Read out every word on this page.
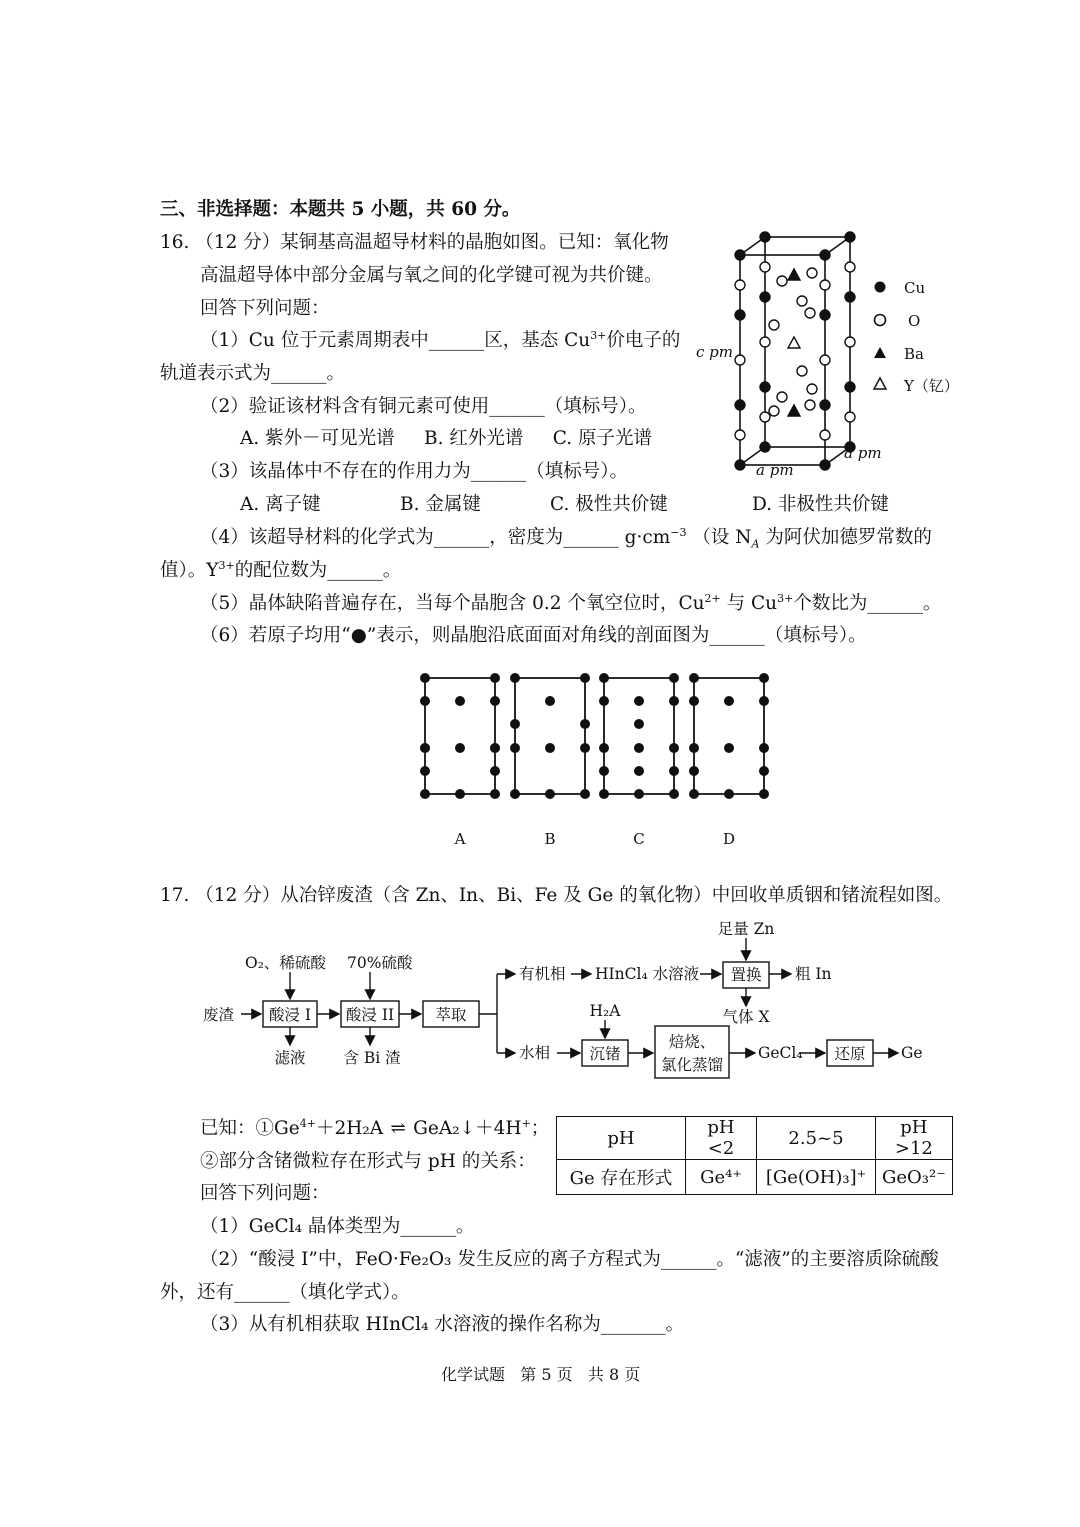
三、非选择题：本题共 5 小题，共 60 分。
16. （12 分）某铜基高温超导材料的晶胞如图。已知：氧化物
高温超导体中部分金属与氧之间的化学键可视为共价键。
回答下列问题：
（1）Cu 位于元素周期表中______区，基态 $Cu^{3+}$价电子的
轨道表示式为______。
（2）验证该材料含有铜元素可使用______（填标号）。
A. 紫外－可见光谱     B. 红外光谱     C. 原子光谱
（3）该晶体中不存在的作用力为______（填标号）。
A. 离子键	B. 金属键	C. 极性共价键	D. 非极性共价键
（4）该超导材料的化学式为______，密度为______ $g\cdot cm^{-3}$ （设 $N_A$ 为阿伏加德罗常数的
值）。$Y^{3+}$的配位数为______。
（5）晶体缺陷普遍存在，当每个晶胞含 0.2 个氧空位时，$Cu^{2+}$ 与 $Cu^{3+}$个数比为______。
（6）若原子均用“●”表示，则晶胞沿底面面对角线的剖面图为______（填标号）。
Cu
O
Ba
Y（钇）
c pm
a pm
a pm
A	B	C	D
17. （12 分）从冶锌废渣（含 Zn、In、Bi、Fe 及 Ge 的氧化物）中回收单质铟和锗流程如图。
废渣
O₂、稀硫酸 70%硫酸
酸浸 I 酸浸 II	萃取
滤液 含 Bi 渣
有机相 HInCl₄ 水溶液
足量 Zn
置换 粗 In
气体 X
水相
H₂A
沉锗
焙烧、
氯化蒸馏
GeCl₄ 还原 Ge
已知：$①Ge^{4+}+2H_2A$ ⇌ GeA₂↓＋4H+；
②部分含锗微粒存在形式与 pH 的关系：
回答下列问题：
pH	pH <2	2.5~5	pH >12
Ge 存在形式	Ge⁴⁺	[Ge(OH)₃]⁺	GeO₃²⁻
（1）GeCl₄ 晶体类型为______。
（2）“酸浸 I”中，FeO·Fe₂O₃ 发生反应的离子方程式为______。“滤液”的主要溶质除硫酸
外，还有______（填化学式）。
（3）从有机相获取 HInCl₄ 水溶液的操作名称为_______。
化学试题   第 5 页   共 8 页
